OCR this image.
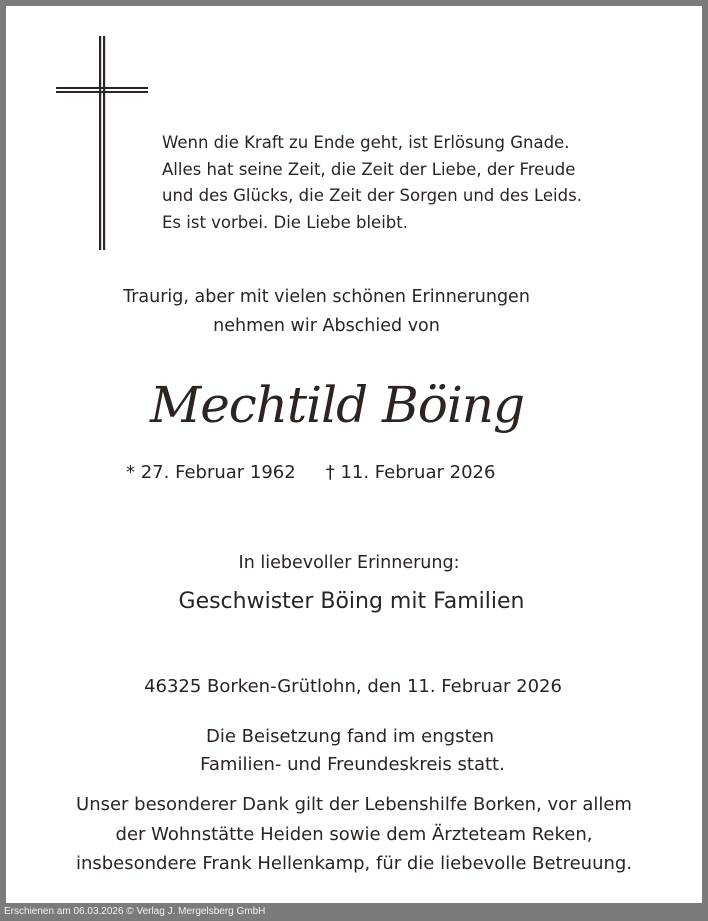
Wenn die Kraft zu Ende geht, ist Erlösung Gnade.
Alles hat seine Zeit, die Zeit der Liebe, der Freude
und des Glücks, die Zeit der Sorgen und des Leids.
Es ist vorbei. Die Liebe bleibt.
Traurig, aber mit vielen schönen Erinnerungen
nehmen wir Abschied von
Mechtild Böing
* 27. Februar 1962 † 11. Februar 2026
In liebevoller Erinnerung:
Geschwister Böing mit Familien
46325 Borken-Grütlohn, den 11. Februar 2026
Die Beisetzung fand im engsten
Familien- und Freundeskreis statt.
Unser besonderer Dank gilt der Lebenshilfe Borken, vor allem
der Wohnstätte Heiden sowie dem Ärzteteam Reken,
insbesondere Frank Hellenkamp, für die liebevolle Betreuung.
Erschienen am 06.03.2026 © Verlag J. Mergelsberg GmbH
